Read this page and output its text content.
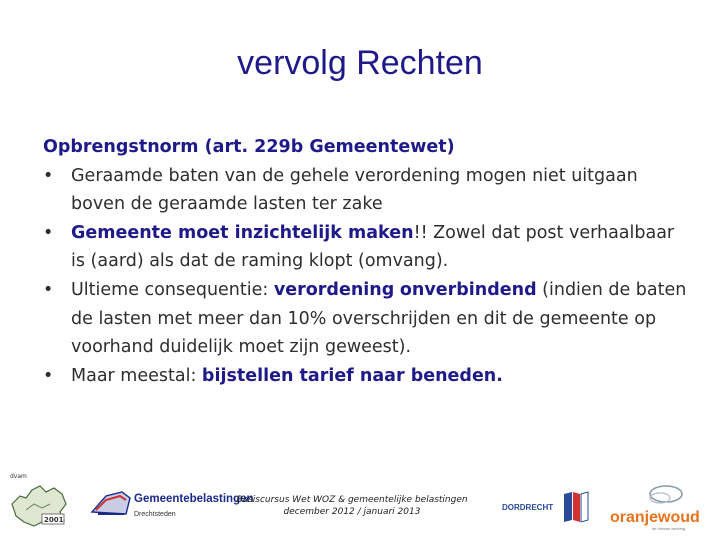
vervolg Rechten
Opbrengstnorm (art. 229b Gemeentewet)
•	Geraamde baten van de gehele verordening mogen niet uitgaan boven de geraamde lasten ter zake
•	Gemeente moet inzichtelijk maken!! Zowel dat post verhaalbaar is (aard) als dat de raming klopt (omvang).
•	Ultieme consequentie: verordening onverbindend (indien de baten de lasten met meer dan 10% overschrijden en dit de gemeente op voorhand duidelijk moet zijn geweest).
•	Maar meestal: bijstellen tarief naar beneden.
dvam
2001
Gemeentebelastingen
Drechtsteden
Basiscursus Wet WOZ & gemeentelijke belastingen
december 2012 / januari 2013	DORDRECHT
oranjewoud
de nieuwe werking
